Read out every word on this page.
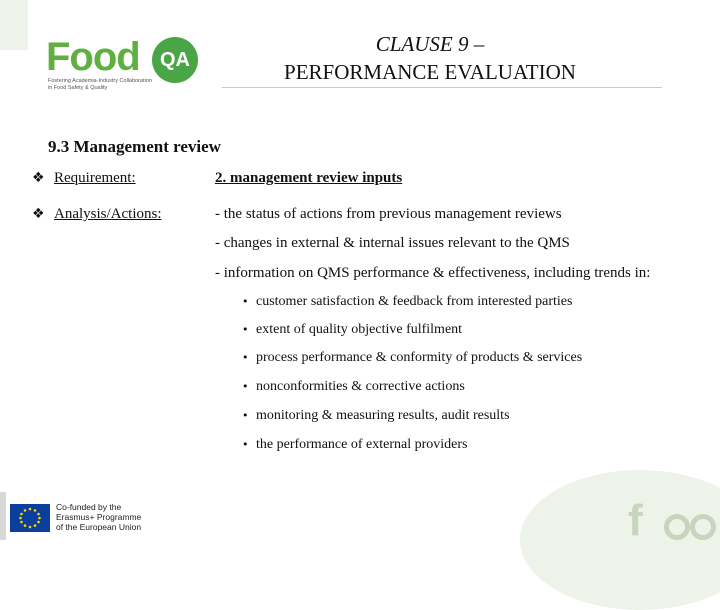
Food	QA
Fostering Academia-Industry Collaboration
in Food Safety & Quality
CLAUSE 9 –
PERFORMANCE EVALUATION
9.3 Management review
❖ Requirement:	2. management review inputs
❖ Analysis/Actions:	- the status of actions from previous management reviews
- changes in external & internal issues relevant to the QMS
- information on QMS performance & effectiveness, including trends in:
• customer satisfaction & feedback from interested parties
• extent of quality objective fulfilment
• process performance & conformity of products & services
• nonconformities & corrective actions
• monitoring & measuring results, audit results
• the performance of external providers
Co-funded by the
Erasmus+ Programme
of the European Union	f
